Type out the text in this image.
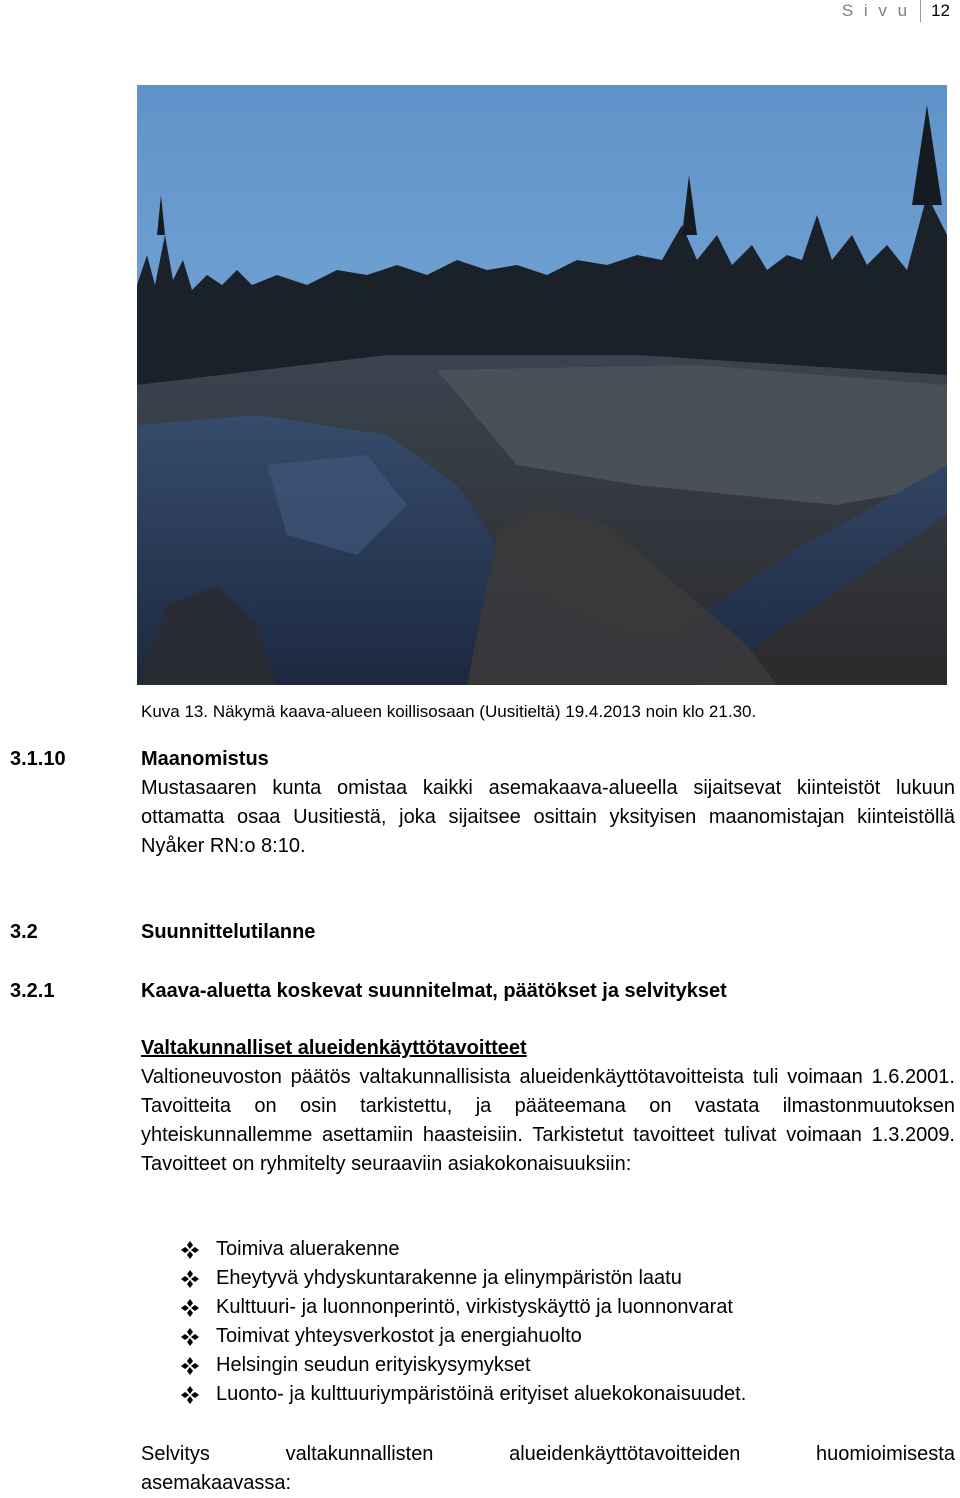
S i v u	12
Kuva 13. Näkymä kaava-alueen koillisosaan (Uusitieltä) 19.4.2013 noin klo 21.30.
3.1.10	Maanomistus
Mustasaaren kunta omistaa kaikki asemakaava-alueella sijaitsevat kiinteistöt lukuun ottamatta osaa Uusitiestä, joka sijaitsee osittain yksityisen maanomistajan kiinteistöllä Nyåker RN:o 8:10.
3.2	Suunnittelutilanne
3.2.1	Kaava-aluetta koskevat suunnitelmat, päätökset ja selvitykset
Valtakunnalliset alueidenkäyttötavoitteet
Valtioneuvoston päätös valtakunnallisista alueidenkäyttötavoitteista tuli voimaan 1.6.2001. Tavoitteita on osin tarkistettu, ja pääteemana on vastata ilmastonmuutoksen yhteiskunnallemme asettamiin haasteisiin. Tarkistetut tavoitteet tulivat voimaan 1.3.2009. Tavoitteet on ryhmitelty seuraaviin asiakokonaisuuksiin:
Toimiva aluerakenne
Eheytyvä yhdyskuntarakenne ja elinympäristön laatu
Kulttuuri- ja luonnonperintö, virkistyskäyttö ja luonnonvarat
Toimivat yhteysverkostot ja energiahuolto
Helsingin seudun erityiskysymykset
Luonto- ja kulttuuriympäristöinä erityiset aluekokonaisuudet.
Selvitys	valtakunnallisten	alueidenkäyttötavoitteiden	huomioimisesta
asemakaavassa:
